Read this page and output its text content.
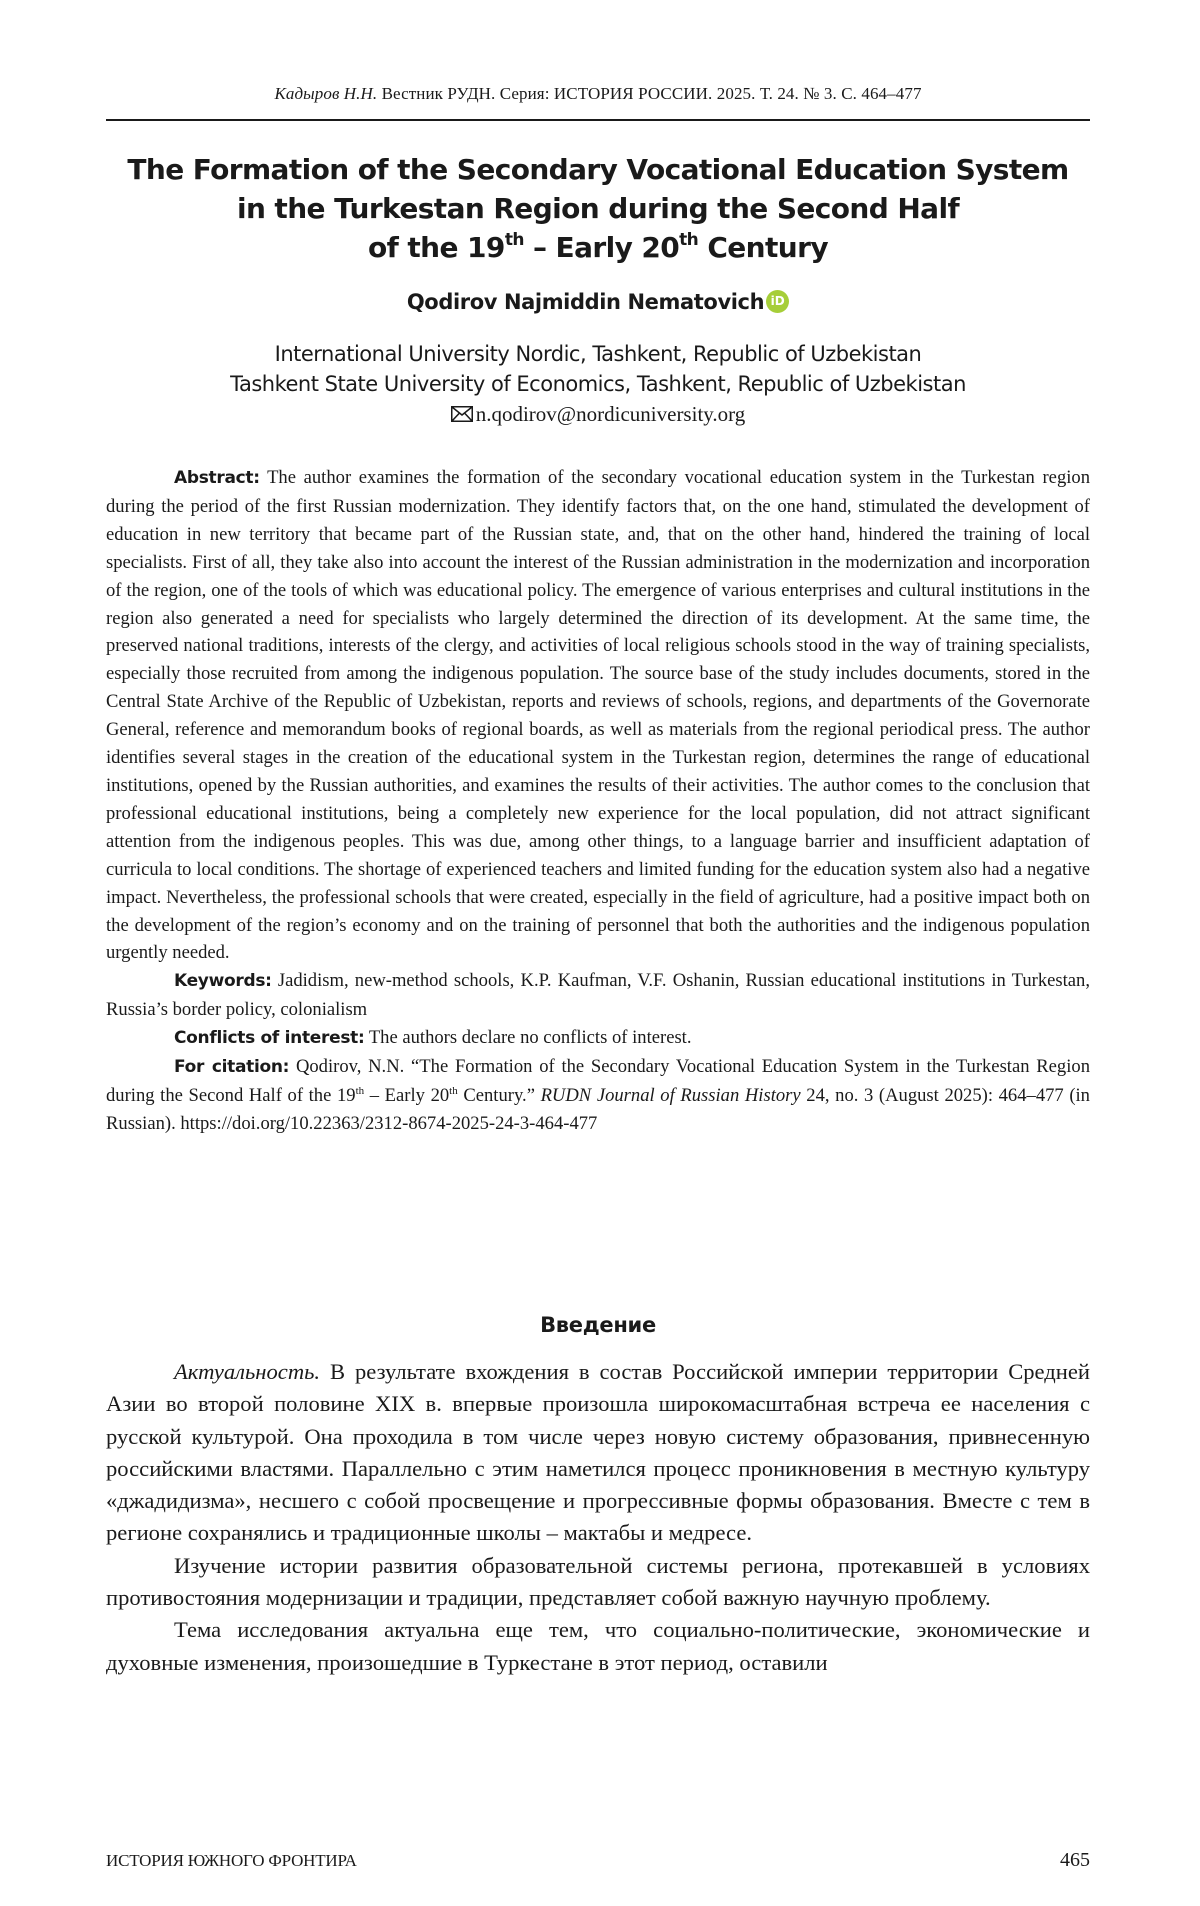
Кадыров Н.Н. Вестник РУДН. Серия: ИСТОРИЯ РОССИИ. 2025. Т. 24. № 3. С. 464–477
The Formation of the Secondary Vocational Education System
in the Turkestan Region during the Second Half
of the 19th – Early 20th Century
Qodirov Najmiddin Nematovich iD
International University Nordic, Tashkent, Republic of Uzbekistan
Tashkent State University of Economics, Tashkent, Republic of Uzbekistan
n.qodirov@nordicuniversity.org

Abstract: The author examines the formation of the secondary vocational education system in the Turkestan region during the period of the first Russian modernization. They identify factors that, on the one hand, stimulated the development of education in new territory that became part of the Russian state, and, that on the other hand, hindered the training of local specialists. First of all, they take also into account the interest of the Russian administration in the modernization and incorporation of the region, one of the tools of which was educational policy. The emergence of various enterprises and cultural institutions in the region also generated a need for specialists who largely determined the direction of its development. At the same time, the preserved national traditions, interests of the clergy, and activities of local religious schools stood in the way of training specialists, especially those recruited from among the indigenous population. The source base of the study includes documents, stored in the Central State Archive of the Republic of Uzbekistan, reports and reviews of schools, regions, and departments of the Governorate General, reference and memorandum books of regional boards, as well as materials from the regional periodical press. The author identifies several stages in the creation of the educational system in the Turkestan region, determines the range of educational institutions, opened by the Russian authorities, and examines the results of their activities. The author comes to the conclusion that professional educational institutions, being a completely new experience for the local population, did not attract significant attention from the indigenous peoples. This was due, among other things, to a language barrier and insufficient adaptation of curricula to local conditions. The shortage of experienced teachers and limited funding for the education system also had a negative impact. Nevertheless, the professional schools that were created, especially in the field of agriculture, had a positive impact both on the development of the region’s economy and on the training of personnel that both the authorities and the indigenous population urgently needed.

Keywords: Jadidism, new-method schools, K.P. Kaufman, V.F. Oshanin, Russian educational institutions in Turkestan, Russia’s border policy, colonialism

Conflicts of interest: The authors declare no conflicts of interest.

For citation: Qodirov, N.N. “The Formation of the Secondary Vocational Education System in the Turkestan Region during the Second Half of the 19th – Early 20th Century.” RUDN Journal of Russian History 24, no. 3 (August 2025): 464–477 (in Russian). https://doi.org/10.22363/2312-8674-2025-24-3-464-477

Введение

Актуальность. В результате вхождения в состав Российской империи территории Средней Азии во второй половине XIX в. впервые произошла широкомасштабная встреча ее населения с русской культурой. Она проходила в том числе через новую систему образования, привнесенную российскими властями. Параллельно с этим наметился процесс проникновения в местную культуру «джадидизма», несшего с собой просвещение и прогрессивные формы образования. Вместе с тем в регионе сохранялись и традиционные школы – мактабы и медресе.

Изучение истории развития образовательной системы региона, протекавшей в условиях противостояния модернизации и традиции, представляет собой важную научную проблему.

Тема исследования актуальна еще тем, что социально-политические, экономические и духовные изменения, произошедшие в Туркестане в этот период, оставили

ИСТОРИЯ ЮЖНОГО ФРОНТИРА	465
